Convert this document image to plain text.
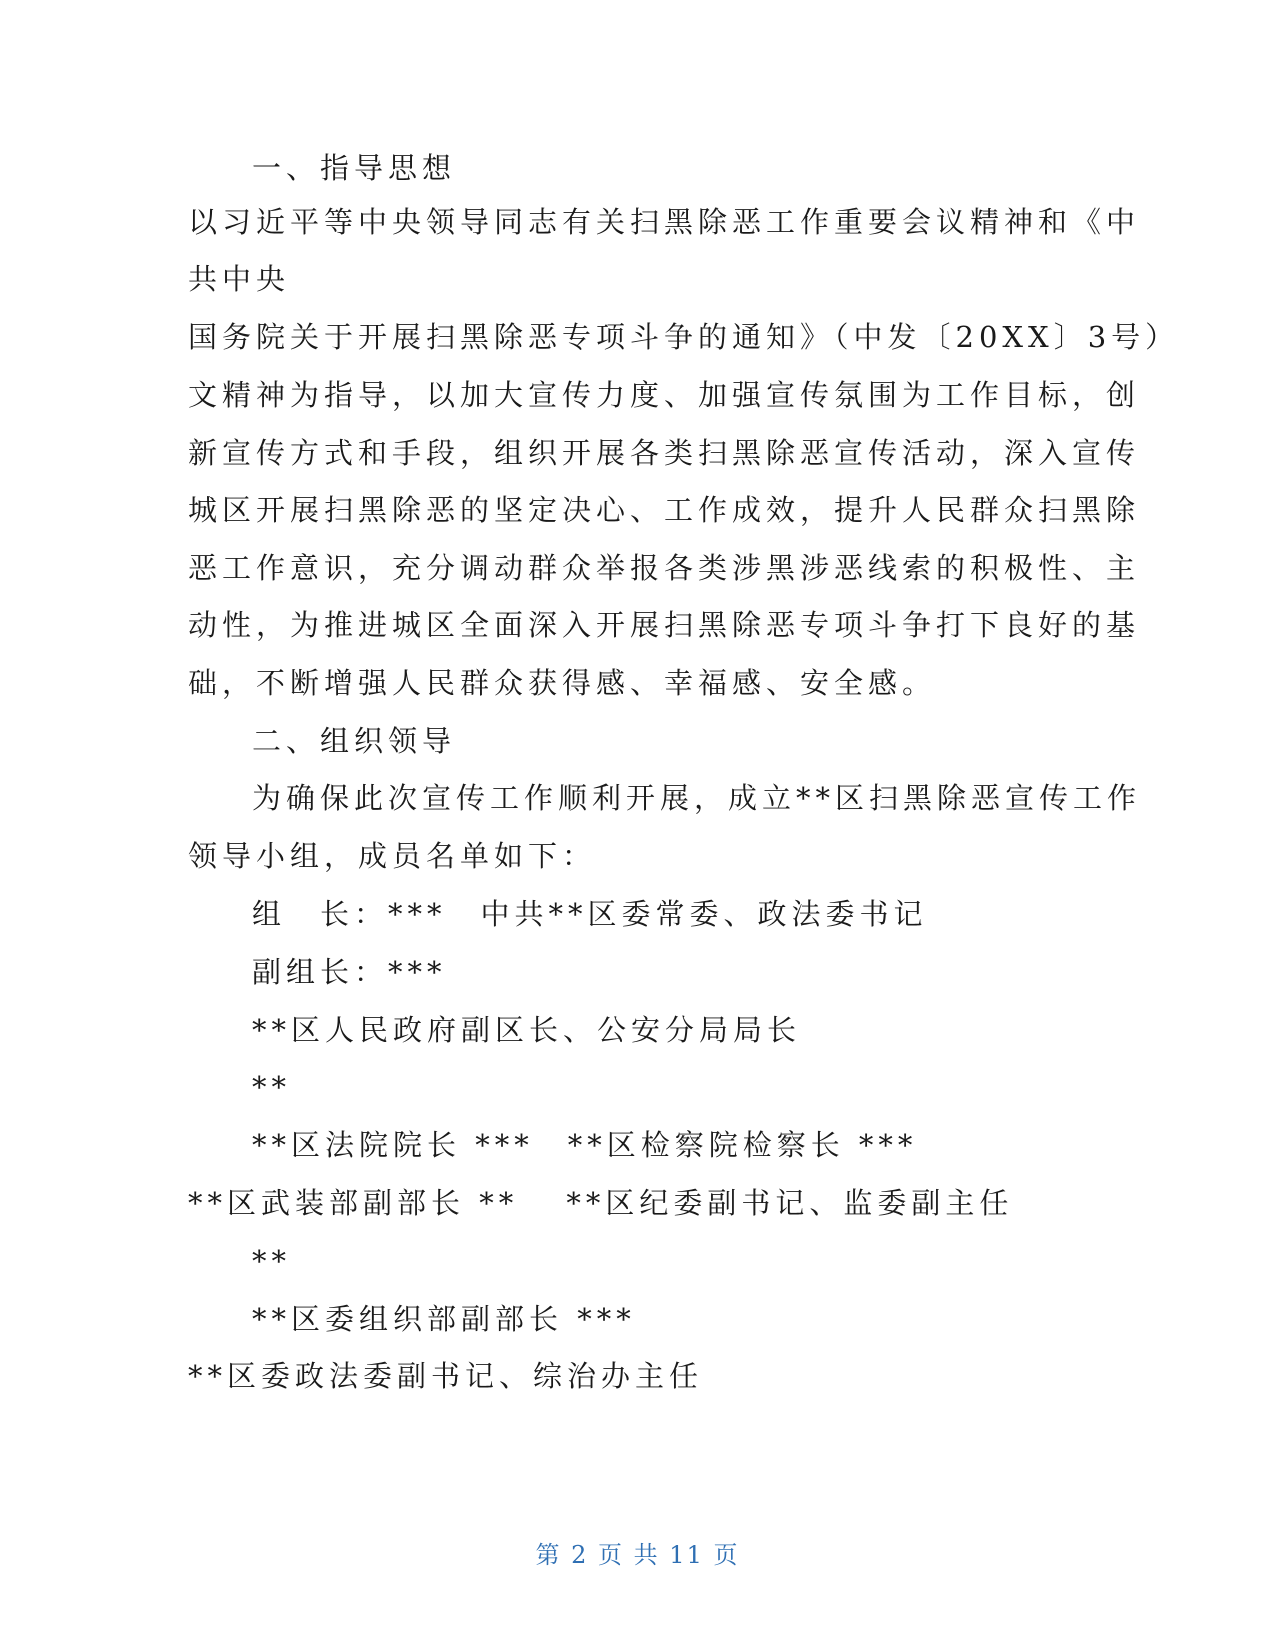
一、指导思想
以习近平等中央领导同志有关扫黑除恶工作重要会议精神和《中
共中央
国务院关于开展扫黑除恶专项斗争的通知》（中发〔20XX〕3号）
文精神为指导，以加大宣传力度、加强宣传氛围为工作目标，创
新宣传方式和手段，组织开展各类扫黑除恶宣传活动，深入宣传
城区开展扫黑除恶的坚定决心、工作成效，提升人民群众扫黑除
恶工作意识，充分调动群众举报各类涉黑涉恶线索的积极性、主
动性，为推进城区全面深入开展扫黑除恶专项斗争打下良好的基
础，不断增强人民群众获得感、幸福感、安全感。
二、组织领导
为确保此次宣传工作顺利开展，成立**区扫黑除恶宣传工作
领导小组，成员名单如下：
组　长：***　中共**区委常委、政法委书记
副组长：***
**区人民政府副区长、公安分局局长
**
**区法院院长 ***　**区检察院检察长 ***
**区武装部副部长 **　 **区纪委副书记、监委副主任
**
**区委组织部副部长 ***
**区委政法委副书记、综治办主任
第 2 页 共 11 页
